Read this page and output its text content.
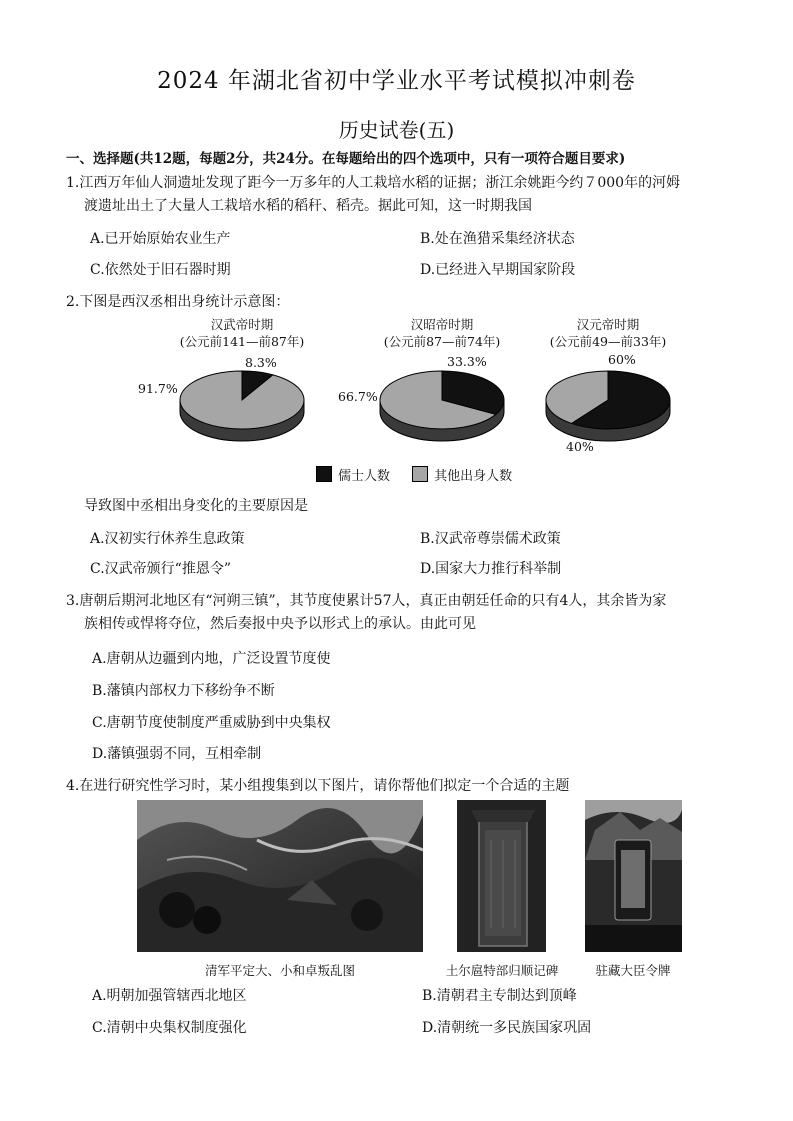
2024 年湖北省初中学业水平考试模拟冲刺卷
历史试卷(五)
一、选择题(共12题，每题2分，共24分。在每题给出的四个选项中，只有一项符合题目要求)
1.江西万年仙人洞遗址发现了距今一万多年的人工栽培水稻的证据；浙江余姚距今约７000年的河姆
渡遗址出土了大量人工栽培水稻的稻秆、稻壳。据此可知，这一时期我国
A.已开始原始农业生产	B.处在渔猎采集经济状态
C.依然处于旧石器时期	D.已经进入早期国家阶段
2.下图是西汉丞相出身统计示意图：
汉武帝时期
(公元前141—前87年)
汉昭帝时期
(公元前87—前74年)
汉元帝时期
(公元前49—前33年)
8.3%
91.7%
33.3%
66.7%
60%
40%
儒士人数	其他出身人数
导致图中丞相出身变化的主要原因是
A.汉初实行休养生息政策	B.汉武帝尊崇儒术政策
C.汉武帝颁行“推恩令”	D.国家大力推行科举制
3.唐朝后期河北地区有“河朔三镇”，其节度使累计57人，真正由朝廷任命的只有4人，其余皆为家
族相传或悍将夺位，然后奏报中央予以形式上的承认。由此可见
A.唐朝从边疆到内地，广泛设置节度使
B.藩镇内部权力下移纷争不断
C.唐朝节度使制度严重威胁到中央集权
D.藩镇强弱不同，互相牵制
4.在进行研究性学习时，某小组搜集到以下图片，请你帮他们拟定一个合适的主题
清军平定大、小和卓叛乱图	土尔扈特部归顺记碑	驻藏大臣令牌
A.明朝加强管辖西北地区	B.清朝君主专制达到顶峰
C.清朝中央集权制度强化	D.清朝统一多民族国家巩固
